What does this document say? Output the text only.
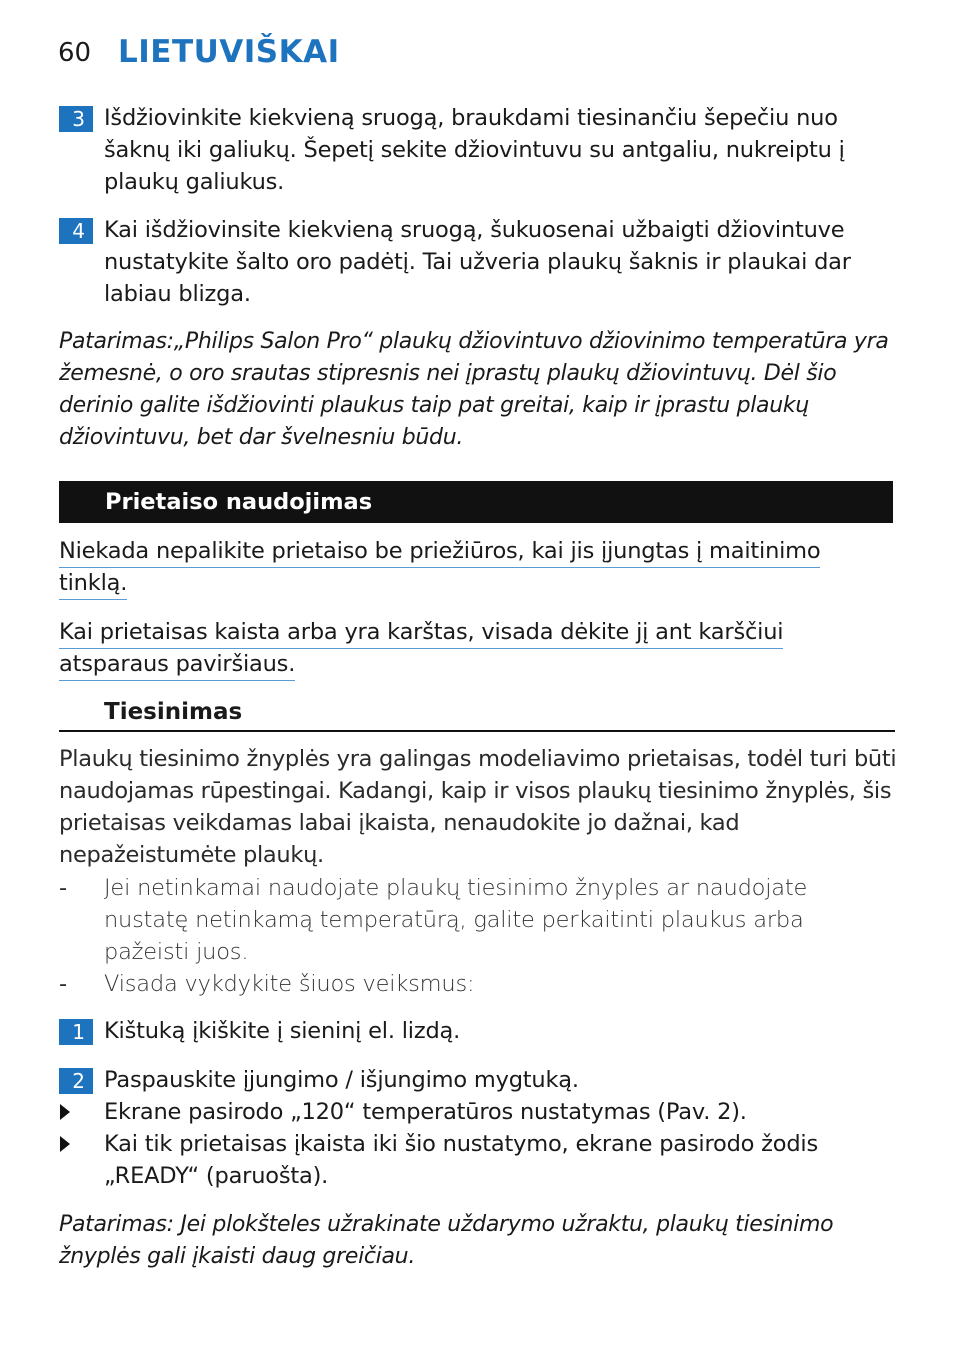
60 LIETUVIŠKAI
3 Išdžiovinkite kiekvieną sruogą, braukdami tiesinančiu šepečiu nuo šaknų iki galiukų. Šepetį sekite džiovintuvu su antgaliu, nukreiptu į plaukų galiukus.
4 Kai išdžiovinsite kiekvieną sruogą, šukuosenai užbaigti džiovintuve nustatykite šalto oro padėtį. Tai užveria plaukų šaknis ir plaukai dar labiau blizga.
Patarimas:„Philips Salon Pro“ plaukų džiovintuvo džiovinimo temperatūra yra žemesnė, o oro srautas stipresnis nei įprastų plaukų džiovintuvų. Dėl šio derinio galite išdžiovinti plaukus taip pat greitai, kaip ir įprastu plaukų džiovintuvu, bet dar švelnesniu būdu.
Prietaiso naudojimas
Niekada nepalikite prietaiso be priežiūros, kai jis įjungtas į maitinimo
tinklą.
Kai prietaisas kaista arba yra karštas, visada dėkite jį ant karščiui
atsparaus paviršiaus.
Tiesinimas
Plaukų tiesinimo žnyplės yra galingas modeliavimo prietaisas, todėl turi būti naudojamas rūpestingai. Kadangi, kaip ir visos plaukų tiesinimo žnyplės, šis prietaisas veikdamas labai įkaista, nenaudokite jo dažnai, kad nepažeistumėte plaukų.
- Jei netinkamai naudojate plaukų tiesinimo žnyples ar naudojate nustatę netinkamą temperatūrą, galite perkaitinti plaukus arba pažeisti juos.
- Visada vykdykite šiuos veiksmus:
1 Kištuką įkiškite į sieninį el. lizdą.
2 Paspauskite įjungimo / išjungimo mygtuką.
Ekrane pasirodo „120“ temperatūros nustatymas (Pav. 2).
Kai tik prietaisas įkaista iki šio nustatymo, ekrane pasirodo žodis „READY“ (paruošta).
Patarimas: Jei plokšteles užrakinate uždarymo užraktu, plaukų tiesinimo žnyplės gali įkaisti daug greičiau.
